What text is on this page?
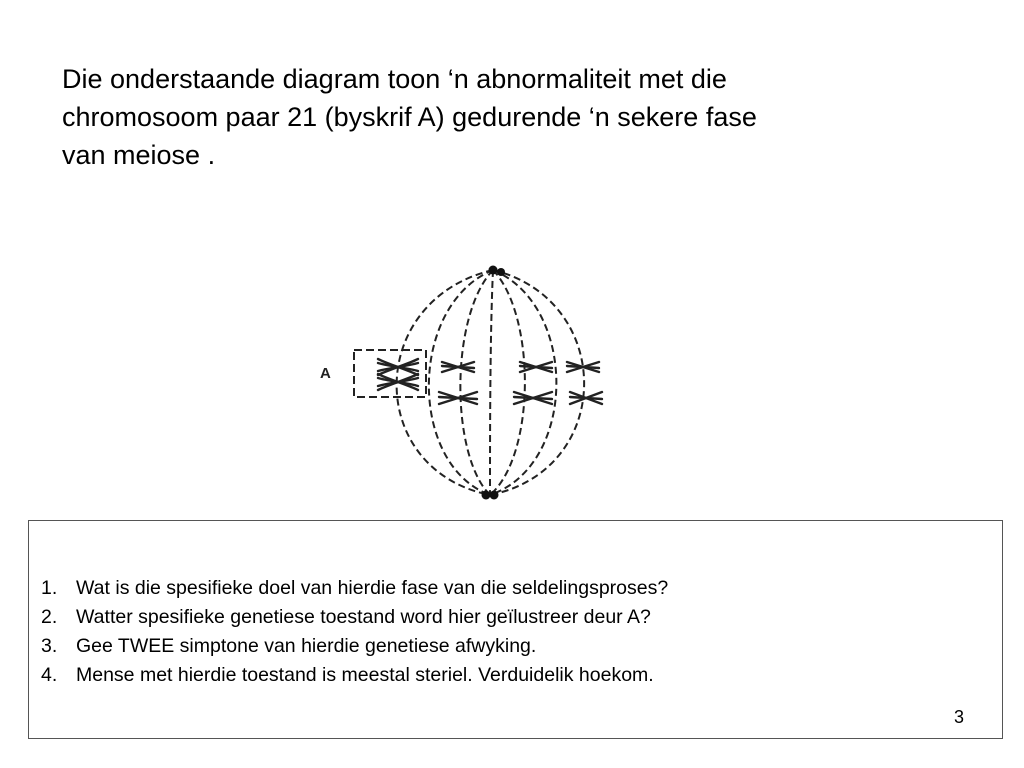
Die onderstaande diagram toon ‘n abnormaliteit met die
chromosoom paar 21 (byskrif A) gedurende ‘n sekere fase
van meiose .
A
1. Wat is die spesifieke doel van hierdie fase van die seldelingsproses?
2. Watter spesifieke genetiese toestand word hier geïlustreer deur A?
3. Gee TWEE simptone van hierdie genetiese afwyking.
4. Mense met hierdie toestand is meestal steriel. Verduidelik hoekom.
3
